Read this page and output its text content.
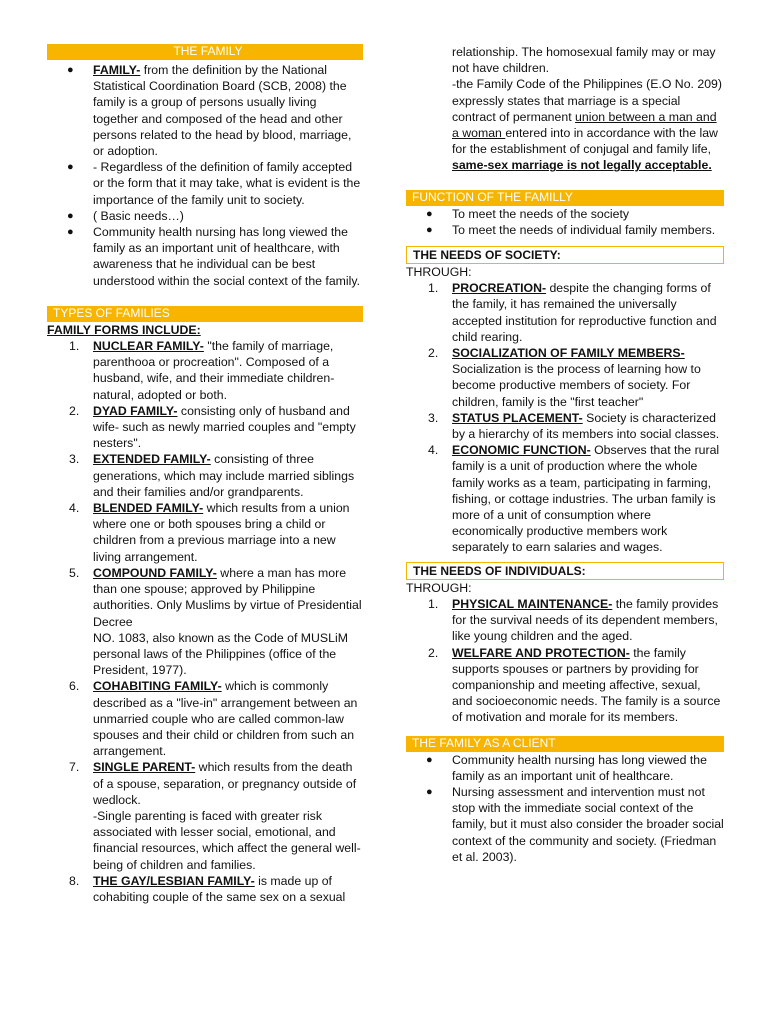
THE FAMILY
● FAMILY- from the definition by the National Statistical Coordination Board (SCB, 2008) the family is a group of persons usually living together and composed of the head and other persons related to the head by blood, marriage, or adoption.
● - Regardless of the definition of family accepted or the form that it may take, what is evident is the importance of the family unit to society.
● ( Basic needs…)
● Community health nursing has long viewed the family as an important unit of healthcare, with awareness that he individual can be best understood within the social context of the family.
TYPES OF FAMILIES

FAMILY FORMS INCLUDE:

1. NUCLEAR FAMILY- "the family of marriage, parenthooa or procreation". Composed of a husband, wife, and their immediate children- natural, adopted or both.
2. DYAD FAMILY- consisting only of husband and wife- such as newly married couples and "empty nesters".
3. EXTENDED FAMILY- consisting of three generations, which may include married siblings and their families and/or grandparents.
4. BLENDED FAMILY- which results from a union where one or both spouses bring a child or children from a previous marriage into a new living arrangement.
5. COMPOUND FAMILY- where a man has more than one spouse; approved by Philippine authorities. Only Muslims by virtue of Presidential Decree
NO. 1083, also known as the Code of MUSLiM personal laws of the Philippines (office of the President, 1977).
6. COHABITING FAMILY- which is commonly described as a "live-in" arrangement between an unmarried couple who are called common-law spouses and their child or children from such an arrangement.
7. SINGLE PARENT- which results from the death of a spouse, separation, or pregnancy outside of wedlock.
-Single parenting is faced with greater risk associated with lesser social, emotional, and financial resources, which affect the general well-being of children and families.
8. THE GAY/LESBIAN FAMILY- is made up of cohabiting couple of the same sex on a sexual

relationship. The homosexual family may or may not have children.

-the Family Code of the Philippines (E.O No. 209) expressly states that marriage is a special contract of permanent union between a man and a woman entered into in accordance with the law for the establishment of conjugal and family life, same-sex marriage is not legally acceptable.

FUNCTION OF THE FAMILLY
● To meet the needs of the society
● To meet the needs of individual family members.
THE NEEDS OF SOCIETY:

THROUGH:

1. PROCREATION- despite the changing forms of the family, it has remained the universally accepted institution for reproductive function and child rearing.
2. SOCIALIZATION OF FAMILY MEMBERS-
Socialization is the process of learning how to become productive members of society. For children, family is the "first teacher"
3. STATUS PLACEMENT- Society is characterized by a hierarchy of its members into social classes.
4. ECONOMIC FUNCTION- Observes that the rural family is a unit of production where the whole family works as a team, participating in farming, fishing, or cottage industries. The urban family is more of a unit of consumption where economically productive members work separately to earn salaries and wages.
THE NEEDS OF INDIVIDUALS:

THROUGH:

1. PHYSICAL MAINTENANCE- the family provides for the survival needs of its dependent members, like young children and the aged.
2. WELFARE AND PROTECTION- the family supports spouses or partners by providing for companionship and meeting affective, sexual, and socioeconomic needs. The family is a source of motivation and morale for its members.
THE FAMILY AS A CLIENT
● Community health nursing has long viewed the family as an important unit of healthcare.
● Nursing assessment and intervention must not stop with the immediate social context of the family, but it must also consider the broader social context of the community and society. (Friedman et al. 2003).
